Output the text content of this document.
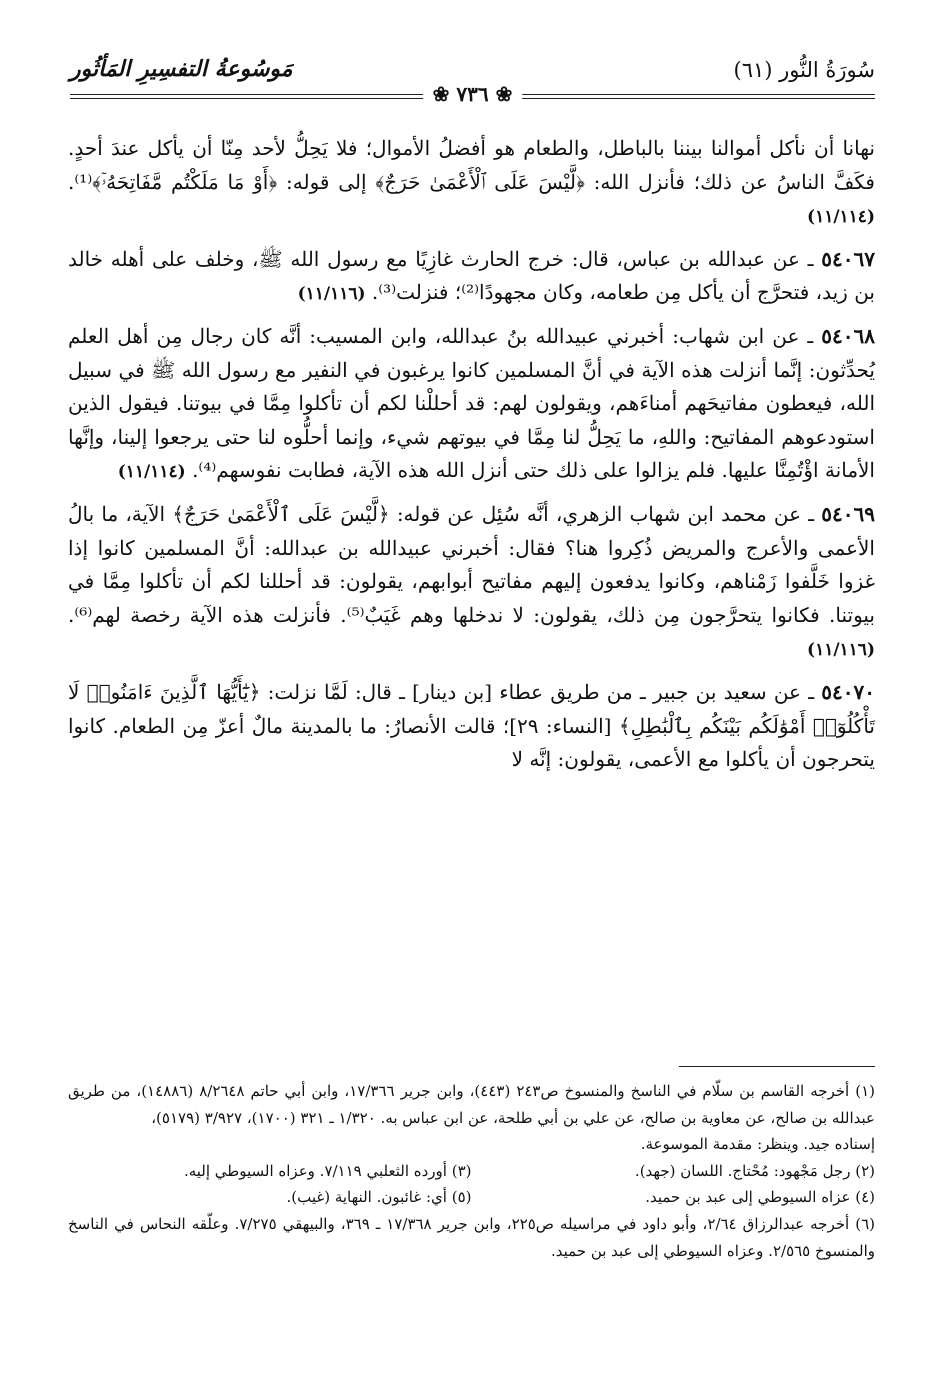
سُورَةُ النُّور (٦١)
مَوسُوعةُ التفسِيرِ المَأثُور
❀ ٧٣٦ ❀

نهانا أن نأكل أموالنا بيننا بالباطل، والطعام هو أفضلُ الأموال؛ فلا يَحِلُّ لأحد مِنّا أن يأكل عندَ أحدٍ. فكَفَّ الناسُ عن ذلك؛ فأنزل الله: ﴿لَّيْسَ عَلَى ٱلْأَعْمَىٰ حَرَجٌ﴾ إلى قوله: ﴿أَوْ مَا مَلَكْتُم مَّفَاتِحَهُۥٓ﴾⁽¹⁾. (١١/١١٤)

٥٤٠٦٧ ـ عن عبدالله بن عباس، قال: خرج الحارث غازِيًا مع رسول الله ﷺ، وخلف على أهله خالد بن زيد، فتحرَّج أن يأكل مِن طعامه، وكان مجهودًا⁽²⁾؛ فنزلت⁽³⁾. (١١/١١٦)

٥٤٠٦٨ ـ عن ابن شهاب: أخبرني عبيدالله بنُ عبدالله، وابن المسيب: أنَّه كان رجال مِن أهل العلم يُحدِّثون: إنَّما أنزلت هذه الآية في أنَّ المسلمين كانوا يرغبون في النفير مع رسول الله ﷺ في سبيل الله، فيعطون مفاتيحَهم أمناءَهم، ويقولون لهم: قد أحللْنا لكم أن تأكلوا مِمَّا في بيوتنا. فيقول الذين استودعوهم المفاتيح: واللهِ، ما يَحِلُّ لنا مِمَّا في بيوتهم شيء، وإنما أحلُّوه لنا حتى يرجعوا إلينا، وإنَّها الأمانة اؤْتُمِنَّا عليها. فلم يزالوا على ذلك حتى أنزل الله هذه الآية، فطابت نفوسهم⁽⁴⁾. (١١/١١٤)

٥٤٠٦٩ ـ عن محمد ابن شهاب الزهري، أنَّه سُئِل عن قوله: ﴿لَّيْسَ عَلَى ٱلْأَعْمَىٰ حَرَجٌ﴾ الآية، ما بالُ الأعمى والأعرج والمريض ذُكِروا هنا؟ فقال: أخبرني عبيدالله بن عبدالله: أنَّ المسلمين كانوا إذا غزوا خَلَّفوا زَمْناهم، وكانوا يدفعون إليهم مفاتيح أبوابهم، يقولون: قد أحللنا لكم أن تأكلوا مِمَّا في بيوتنا. فكانوا يتحرَّجون مِن ذلك، يقولون: لا ندخلها وهم غَيَبٌ⁽⁵⁾. فأنزلت هذه الآية رخصة لهم⁽⁶⁾. (١١/١١٦)

٥٤٠٧٠ ـ عن سعيد بن جبير ـ من طريق عطاء [بن دينار] ـ قال: لَمَّا نزلت: ﴿يَٰٓأَيُّهَا ٱلَّذِينَ ءَامَنُوا۟ لَا تَأْكُلُوٓا۟ أَمْوَٰلَكُم بَيْنَكُم بِٱلْبَٰطِلِ﴾ [النساء: ٢٩]؛ قالت الأنصارُ: ما بالمدينة مالٌ أعزّ مِن الطعام. كانوا يتحرجون أن يأكلوا مع الأعمى، يقولون: إنَّه لا

(١) أخرجه القاسم بن سلّام في الناسخ والمنسوخ ص٢٤٣ (٤٤٣)، وابن جرير ١٧/٣٦٦، وابن أبي حاتم ٨/٢٦٤٨ (١٤٨٨٦)، من طريق عبدالله بن صالح، عن معاوية بن صالح، عن علي بن أبي طلحة، عن ابن عباس به. ١/٣٢٠ ـ ٣٢١ (١٧٠٠)، ٣/٩٢٧ (٥١٧٩)،

إسناده جيد. وينظر: مقدمة الموسوعة.

(٢) رجل مَجْهود: مُحْتاج. اللسان (جهد).

(٣) أورده الثعلبي ٧/١١٩. وعزاه السيوطي إليه.

(٤) عزاه السيوطي إلى عبد بن حميد.

(٥) أي: غائبون. النهاية (غيب).

(٦) أخرجه عبدالرزاق ٢/٦٤، وأبو داود في مراسيله ص٢٢٥، وابن جرير ١٧/٣٦٨ ـ ٣٦٩، والبيهقي ٧/٢٧٥. وعلّقه النحاس في الناسخ والمنسوخ ٢/٥٦٥. وعزاه السيوطي إلى عبد بن حميد.
